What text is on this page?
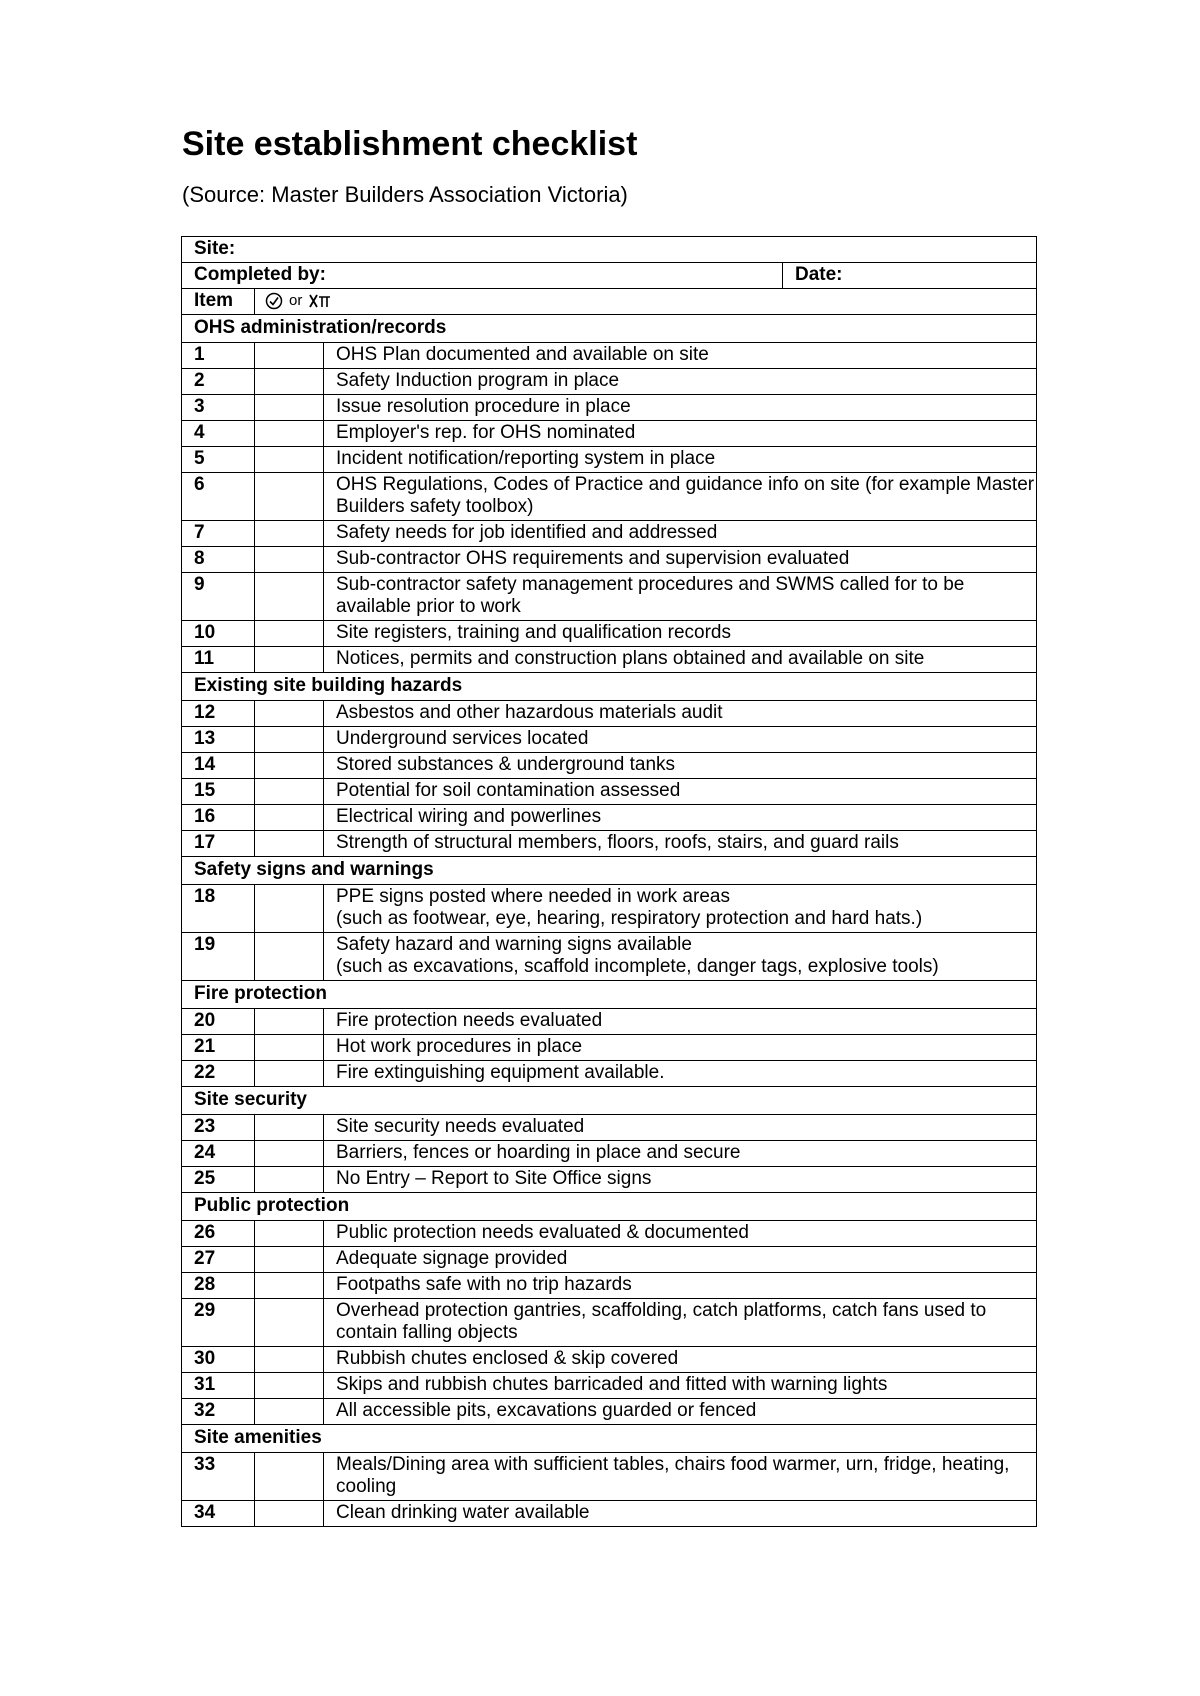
Site establishment checklist

(Source: Master Builders Association Victoria)

Site:			
Completed by:			Date:
Item	or		

OHS administration/records			
1		OHS Plan documented and available on site	

2		Safety Induction program in place	

3		Issue resolution procedure in place	

4		Employer's rep. for OHS nominated	

5		Incident notification/reporting system in place	

6		OHS Regulations, Codes of Practice and guidance info on site (for example Master Builders safety toolbox)	

7		Safety needs for job identified and addressed	

8		Sub-contractor OHS requirements and supervision evaluated	

9		Sub-contractor safety management procedures and SWMS called for to be available prior to work	

10		Site registers, training and qualification records	

11		Notices, permits and construction plans obtained and available on site	

Existing site building hazards			
12		Asbestos and other hazardous materials audit	

13		Underground services located	

14		Stored substances & underground tanks	

15		Potential for soil contamination assessed	

16		Electrical wiring and powerlines	

17		Strength of structural members, floors, roofs, stairs, and guard rails	

Safety signs and warnings			
18		PPE signs posted where needed in work areas
(such as footwear, eye, hearing, respiratory protection and hard hats.)	

19		Safety hazard and warning signs available
(such as excavations, scaffold incomplete, danger tags, explosive tools)	

Fire protection			
20		Fire protection needs evaluated	

21		Hot work procedures in place	

22		Fire extinguishing equipment available.	

Site security			
23		Site security needs evaluated	

24		Barriers, fences or hoarding in place and secure	

25		No Entry – Report to Site Office signs	

Public protection			
26		Public protection needs evaluated & documented	

27		Adequate signage provided	

28		Footpaths safe with no trip hazards	

29		Overhead protection gantries, scaffolding, catch platforms, catch fans used to contain falling objects	

30		Rubbish chutes enclosed & skip covered	

31		Skips and rubbish chutes barricaded and fitted with warning lights	

32		All accessible pits, excavations guarded or fenced	

Site amenities			
33		Meals/Dining area with sufficient tables, chairs food warmer, urn, fridge, heating, cooling	

34		Clean drinking water available	
